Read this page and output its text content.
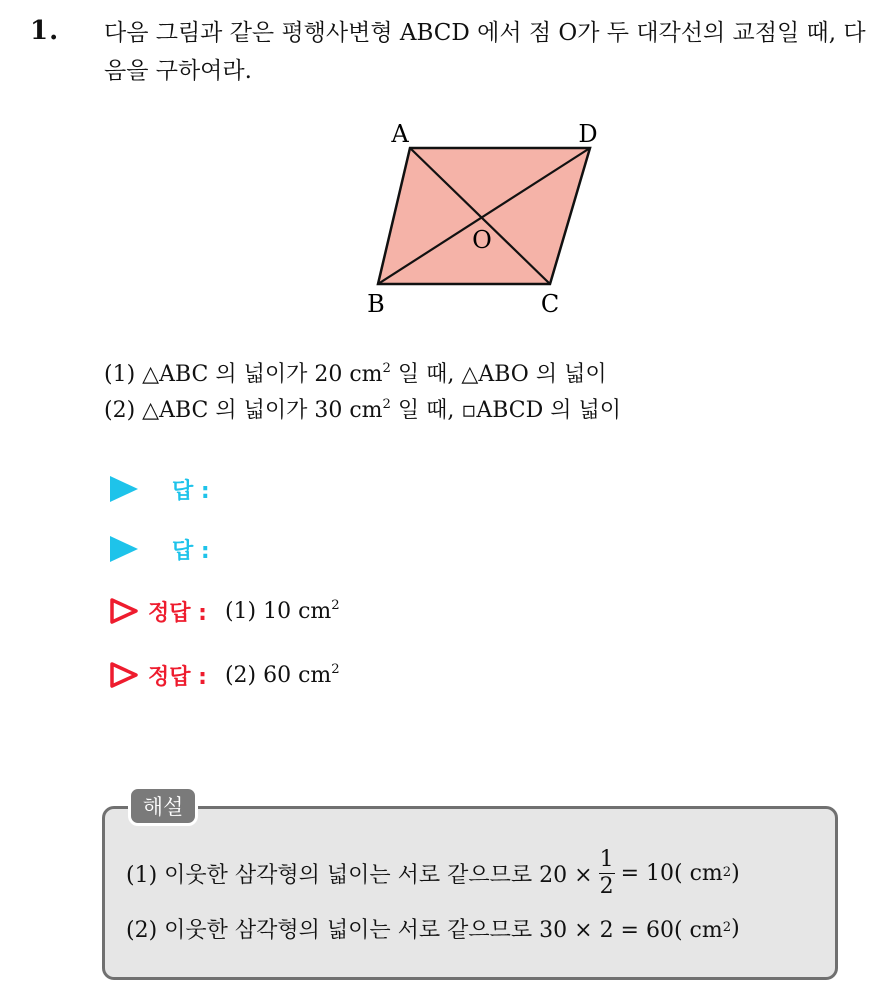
1. 다음 그림과 같은 평행사변형 ABCD 에서 점 O가 두 대각선의 교점일 때, 다음을 구하여라.
A	D
B	C
O
(1) △ABC 의 넓이가 20 $cm^2$ 일 때, △ABO 의 넓이
(2) △ABC 의 넓이가 30 $cm^2$ 일 때, ▫ABCD 의 넓이
답 :
답 :
정답 : (1) 10 $cm^2$
정답 : (2) 60 $cm^2$
해설
(1) 이웃한 삼각형의 넓이는 서로 같으므로 $20 \times \frac{1}{2} = 10$( cm 2 )
(2) 이웃한 삼각형의 넓이는 서로 같으므로 30 × 2 = 60( cm 2 )
